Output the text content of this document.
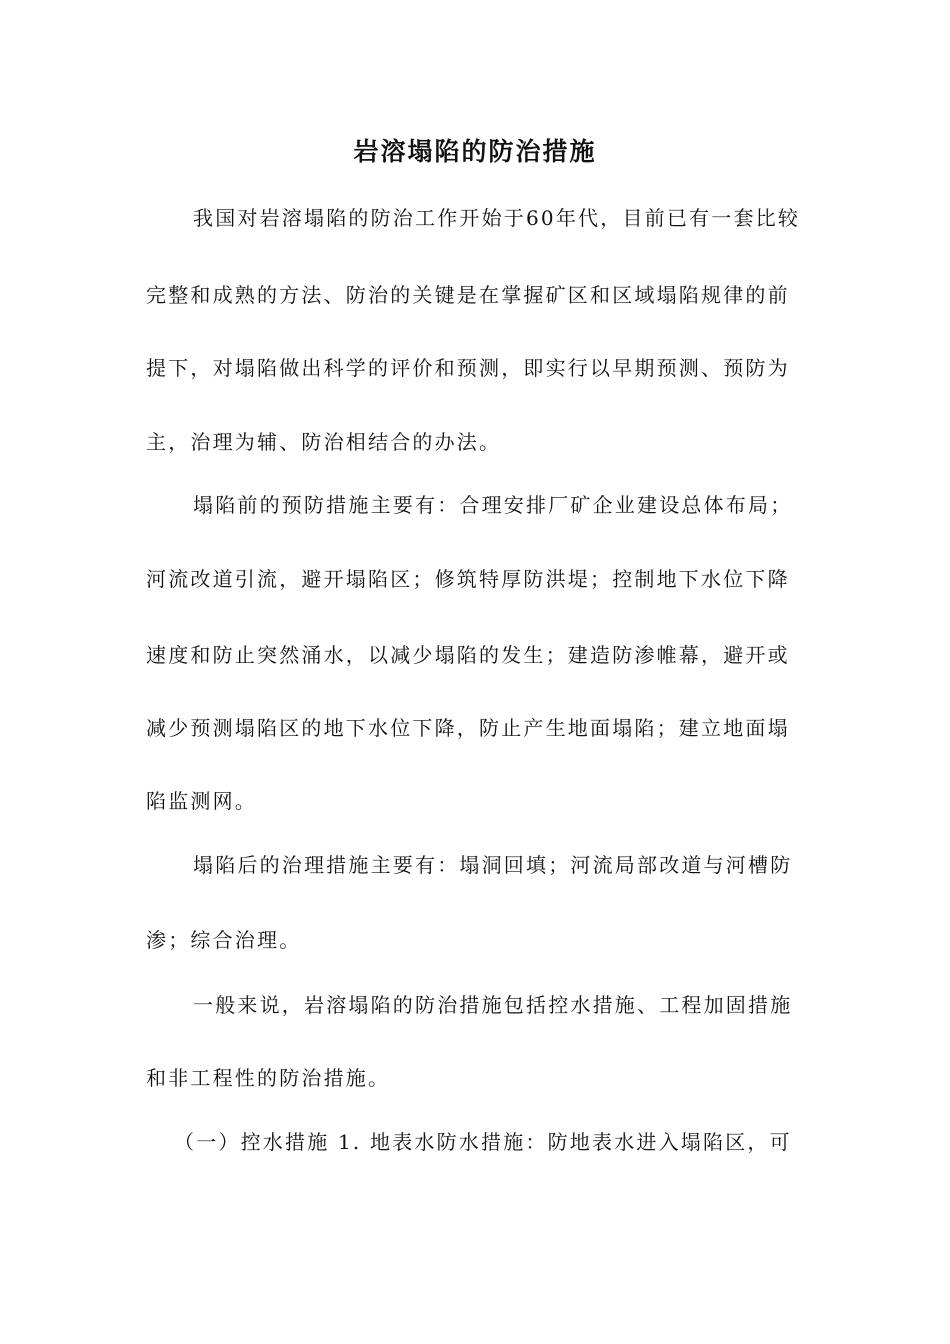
岩溶塌陷的防治措施

我国对岩溶塌陷的防治工作开始于60年代，目前已有一套比较

完整和成熟的方法、防治的关键是在掌握矿区和区域塌陷规律的前

提下，对塌陷做出科学的评价和预测，即实行以早期预测、预防为

主，治理为辅、防治相结合的办法。

塌陷前的预防措施主要有：合理安排厂矿企业建设总体布局；

河流改道引流，避开塌陷区；修筑特厚防洪堤；控制地下水位下降

速度和防止突然涌水，以减少塌陷的发生；建造防渗帷幕，避开或

减少预测塌陷区的地下水位下降，防止产生地面塌陷；建立地面塌

陷监测网。

塌陷后的治理措施主要有：塌洞回填；河流局部改道与河槽防

渗；综合治理。

一般来说，岩溶塌陷的防治措施包括控水措施、工程加固措施

和非工程性的防治措施。

（一）控水措施 1. 地表水防水措施：防地表水进入塌陷区，可
